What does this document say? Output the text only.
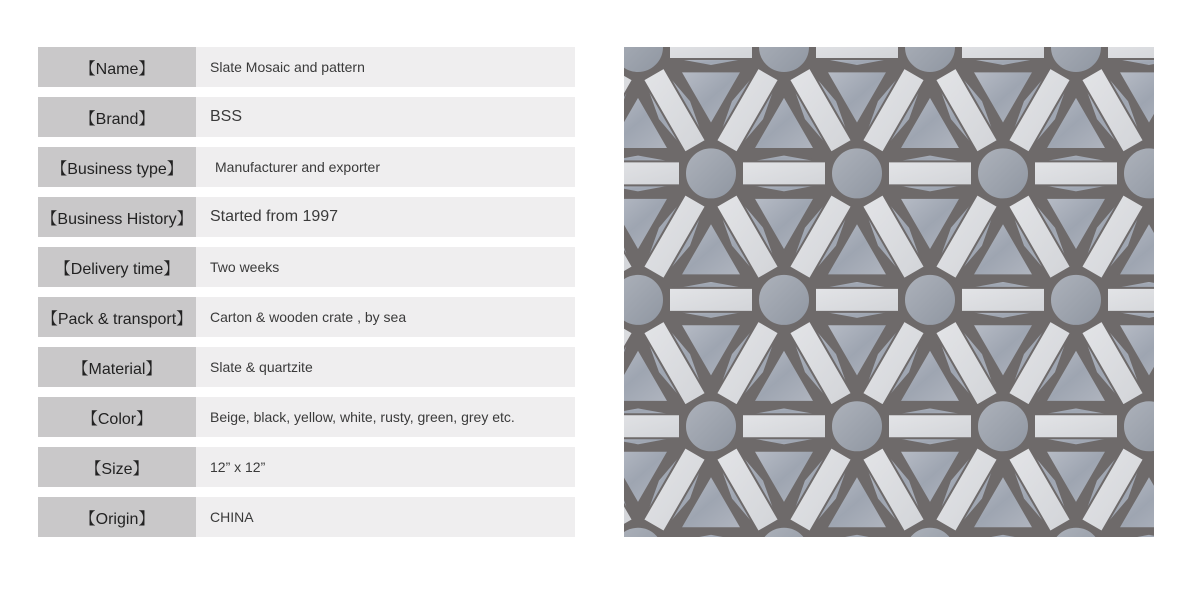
【Name】	Slate Mosaic and pattern
【Brand】	BSS
【Business type】	Manufacturer and exporter
【Business History】	Started from 1997
【Delivery time】	Two weeks
【Pack & transport】	Carton & wooden crate , by sea
【Material】	Slate & quartzite
【Color】	Beige, black, yellow, white, rusty, green, grey etc.
【Size】	12” x 12”
【Origin】	CHINA
